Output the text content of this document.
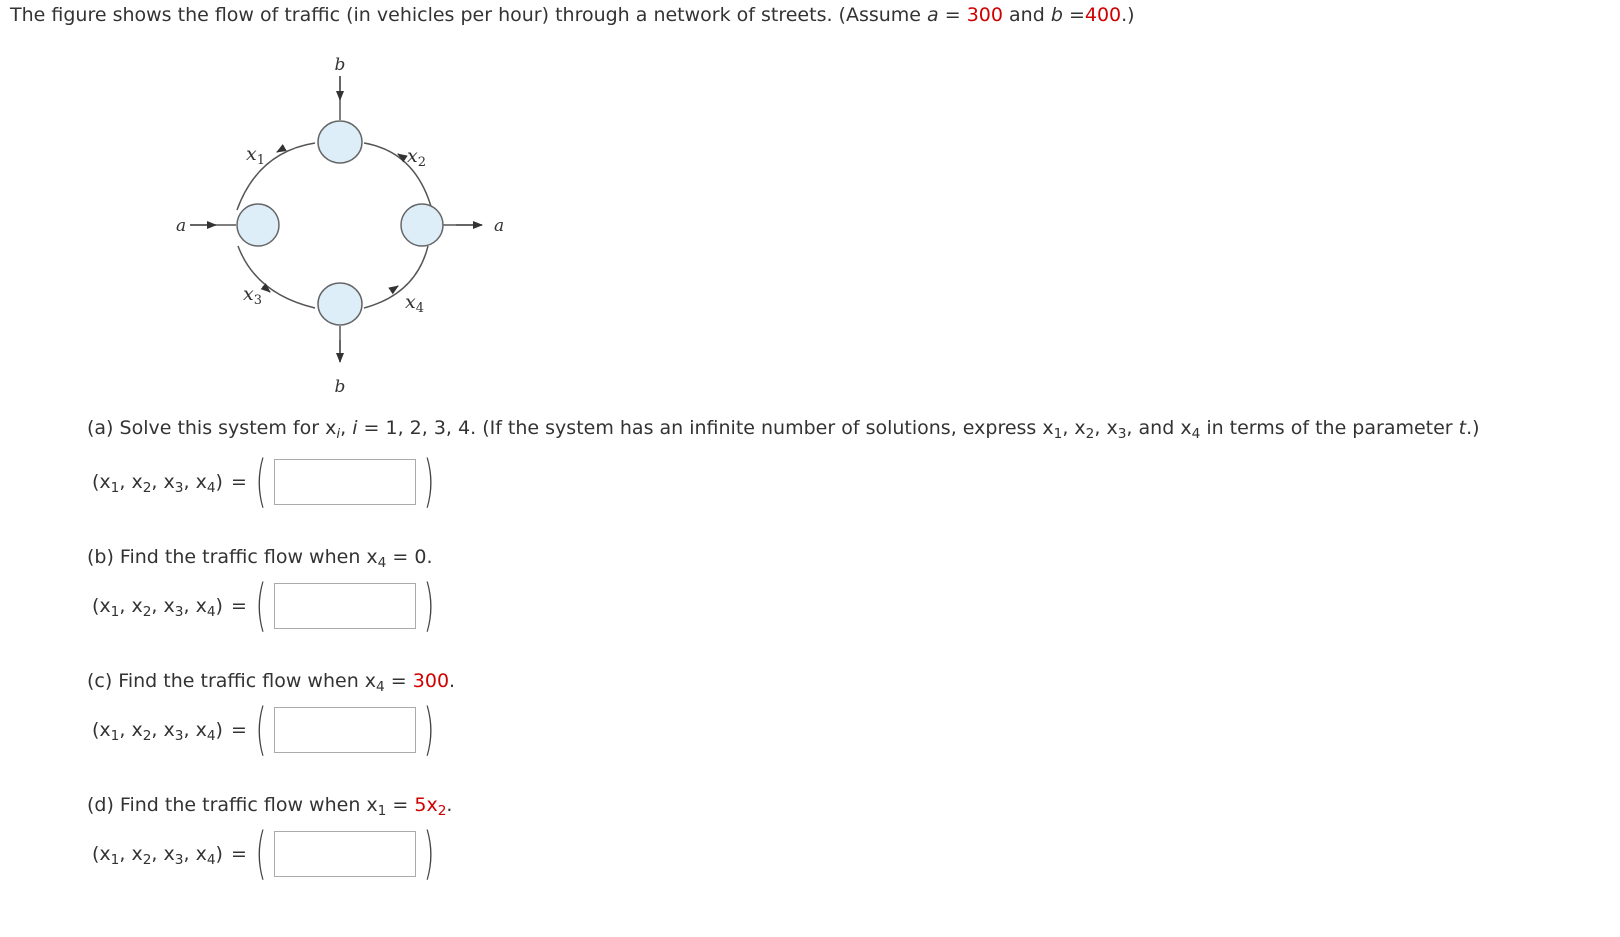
The figure shows the flow of traffic (in vehicles per hour) through a network of streets. (Assume a = 300 and b =400.)
b
b
a	a
$x_1$	$x_2$
$x_3$	$x_4$
(a) Solve this system for $x_i$, i = 1, 2, 3, 4. (If the system has an infinite number of solutions, express $x_1$, $x_2$, $x_3$, and $x_4$ in terms of the parameter t.)
($x_1$, $x_2$, $x_3$, $x_4$) = (	)
(b) Find the traffic flow when $x_4 = 0$.
($x_1$, $x_2$, $x_3$, $x_4$) = (	)
(c) Find the traffic flow when $x_4 = 300$.
($x_1$, $x_2$, $x_3$, $x_4$) = (	)
(d) Find the traffic flow when $x_1 = 5x_2$.
($x_1$, $x_2$, $x_3$, $x_4$) = (	)
